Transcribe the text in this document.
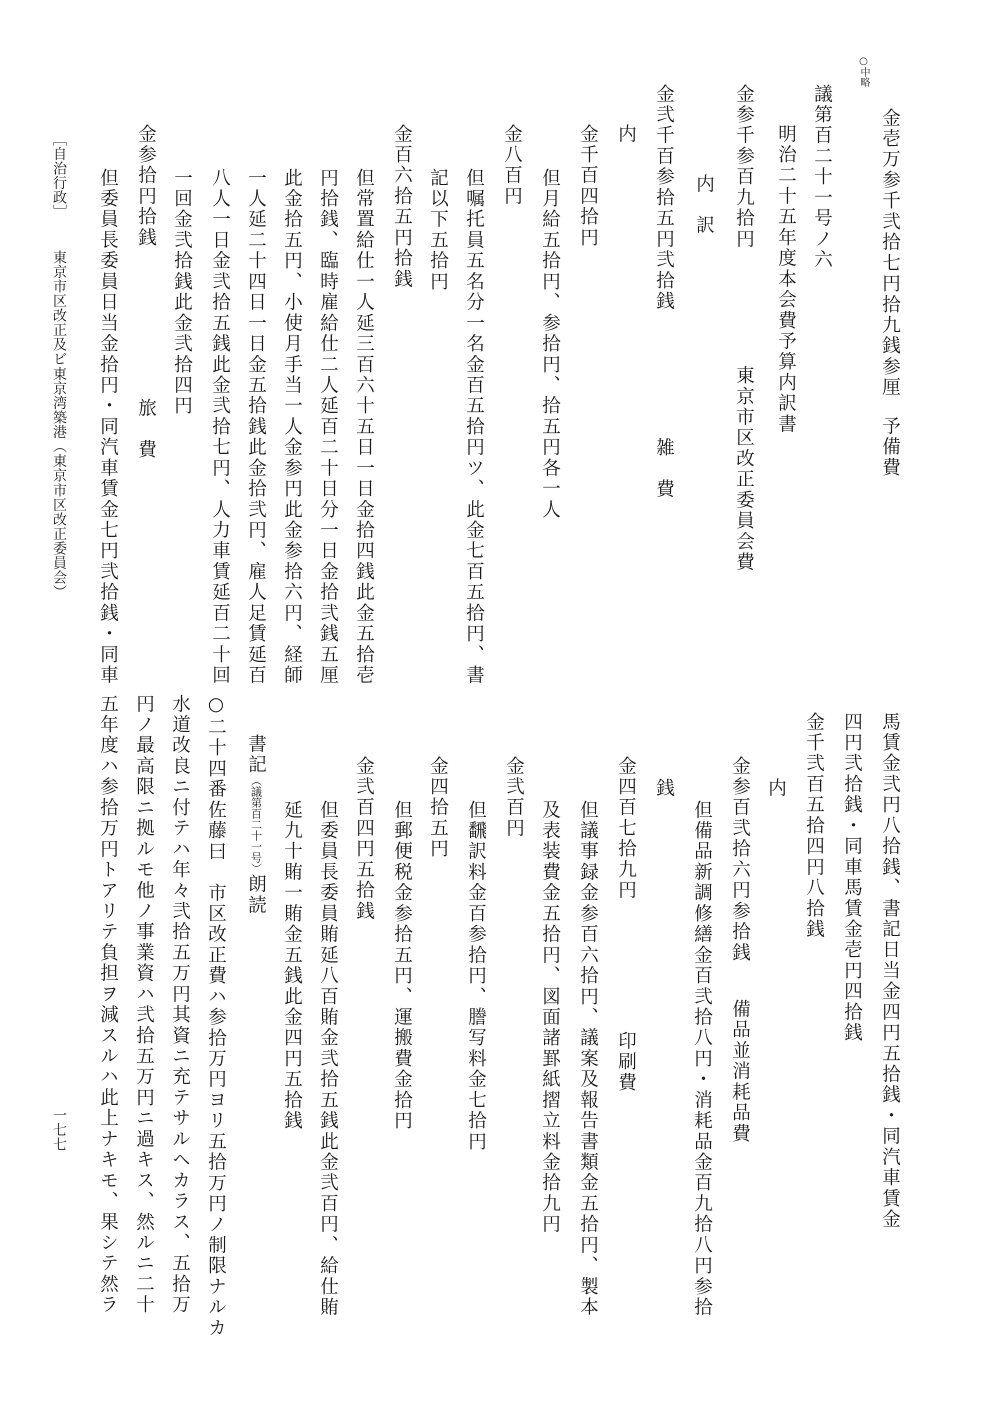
○中略
金壱万参千弐拾七円拾九銭参厘予備費
議第百二十一号ノ六
明治二十五年度本会費予算内訳書
金参千参百九拾円東京市区改正委員会費
内　訳
金弐千百参拾五円弐拾銭雑　費
内
金千百四拾円
但月給五拾円、参拾円、拾五円各一人
金八百円
但嘱托員五名分一名金百五拾円ツ、此金七百五拾円、書
記以下五拾円
金百六拾五円拾銭
但常置給仕一人延三百六十五日一日金拾四銭此金五拾壱
円拾銭、臨時雇給仕二人延百二十日分一日金拾弐銭五厘
此金拾五円、小使月手当一人金参円此金参拾六円、経師
一人延二十四日一日金五拾銭此金拾弐円、雇人足賃延百
八人一日金弐拾五銭此金弐拾七円、人力車賃延百二十回
一回金弐拾銭此金弐拾四円
金参拾円拾銭旅　費
但委員長委員日当金拾円・同汽車賃金七円弐拾銭・同車
［自治行政］
東京市区改正及ビ東京湾築港（東京市区改正委員会）
馬賃金弐円八拾銭、書記日当金四円五拾銭・同汽車賃金
四円弐拾銭・同車馬賃金壱円四拾銭
金千弐百五拾四円八拾銭
内
金参百弐拾六円参拾銭備品並消耗品費
但備品新調修繕金百弐拾八円・消耗品金百九拾八円参拾
銭
金四百七拾九円印刷費
但議事録金参百六拾円、議案及報告書類金五拾円、製本
及表装費金五拾円、図面諸罫紙摺立料金拾九円
金弐百円
但飜訳料金百参拾円、謄写料金七拾円
金四拾五円
但郵便税金参拾五円、運搬費金拾円
金弐百四円五拾銭
但委員長委員賄延八百賄金弐拾五銭此金弐百円、給仕賄
延九十賄一賄金五銭此金四円五拾銭
書記（議第百二十一号）朗読
○二十四番佐藤曰　市区改正費ハ参拾万円ヨリ五拾万円ノ制限ナルカ
水道改良ニ付テハ年々弐拾五万円其資ニ充テサルヘカラス、五拾万
円ノ最高限ニ拠ルモ他ノ事業資ハ弐拾五万円ニ過キス、然ルニ二十
五年度ハ参拾万円トアリテ負担ヲ減スルハ此上ナキモ、果シテ然ラ
一七七
